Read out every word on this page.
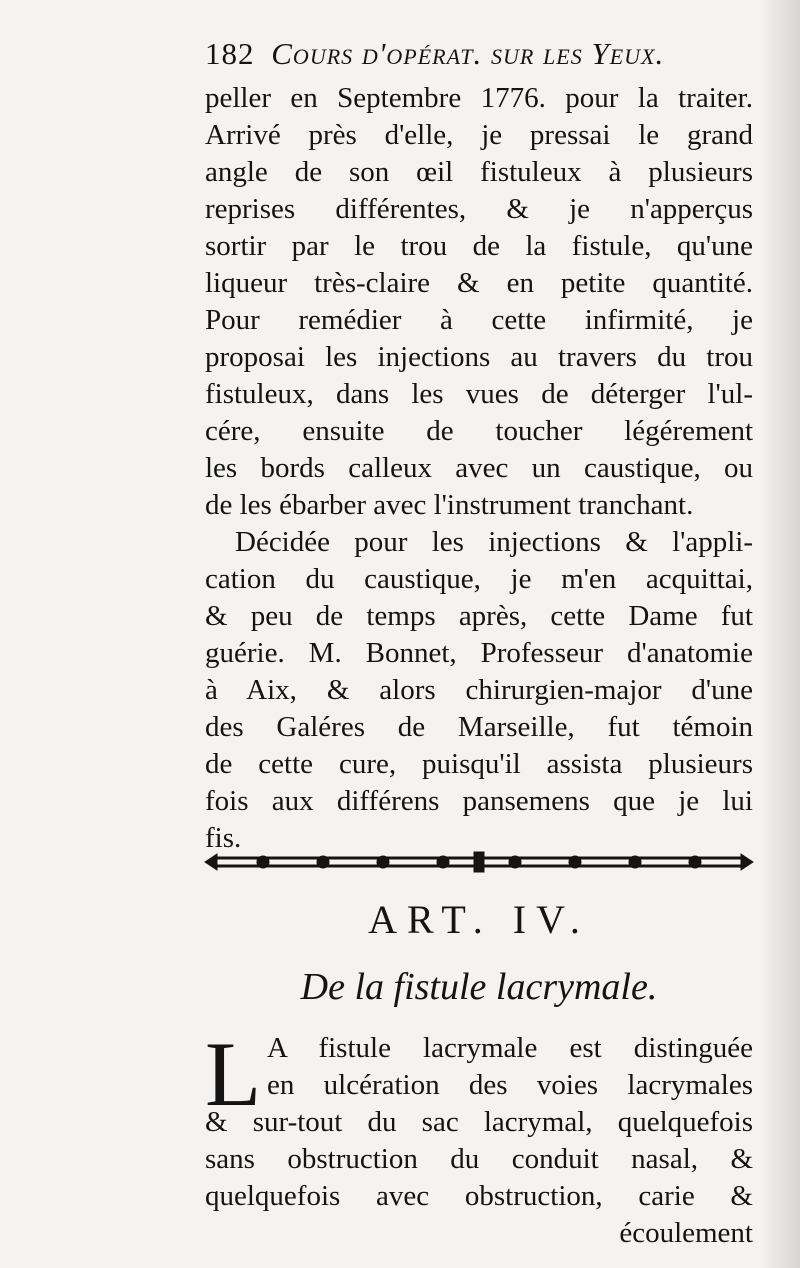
182 Cours d'opérat. sur les Yeux.
peller en Septembre 1776. pour la traiter.
Arrivé près d'elle, je pressai le grand
angle de son œil fistuleux à plusieurs
reprises différentes, & je n'apperçus
sortir par le trou de la fistule, qu'une
liqueur très-claire & en petite quantité.
Pour remédier à cette infirmité, je
proposai les injections au travers du trou
fistuleux, dans les vues de déterger l'ul-
cére, ensuite de toucher légérement
les bords calleux avec un caustique, ou
de les ébarber avec l'instrument tranchant.
Décidée pour les injections & l'appli-
cation du caustique, je m'en acquittai,
& peu de temps après, cette Dame fut
guérie. M. Bonnet, Professeur d'anatomie
à Aix, & alors chirurgien-major d'une
des Galéres de Marseille, fut témoin
de cette cure, puisqu'il assista plusieurs
fois aux différens pansemens que je lui
fis.
ART. IV.
De la fistule lacrymale.
L A fistule lacrymale est distinguée
en ulcération des voies lacrymales
& sur-tout du sac lacrymal, quelquefois
sans obstruction du conduit nasal, &
quelquefois avec obstruction, carie &
écoulement
